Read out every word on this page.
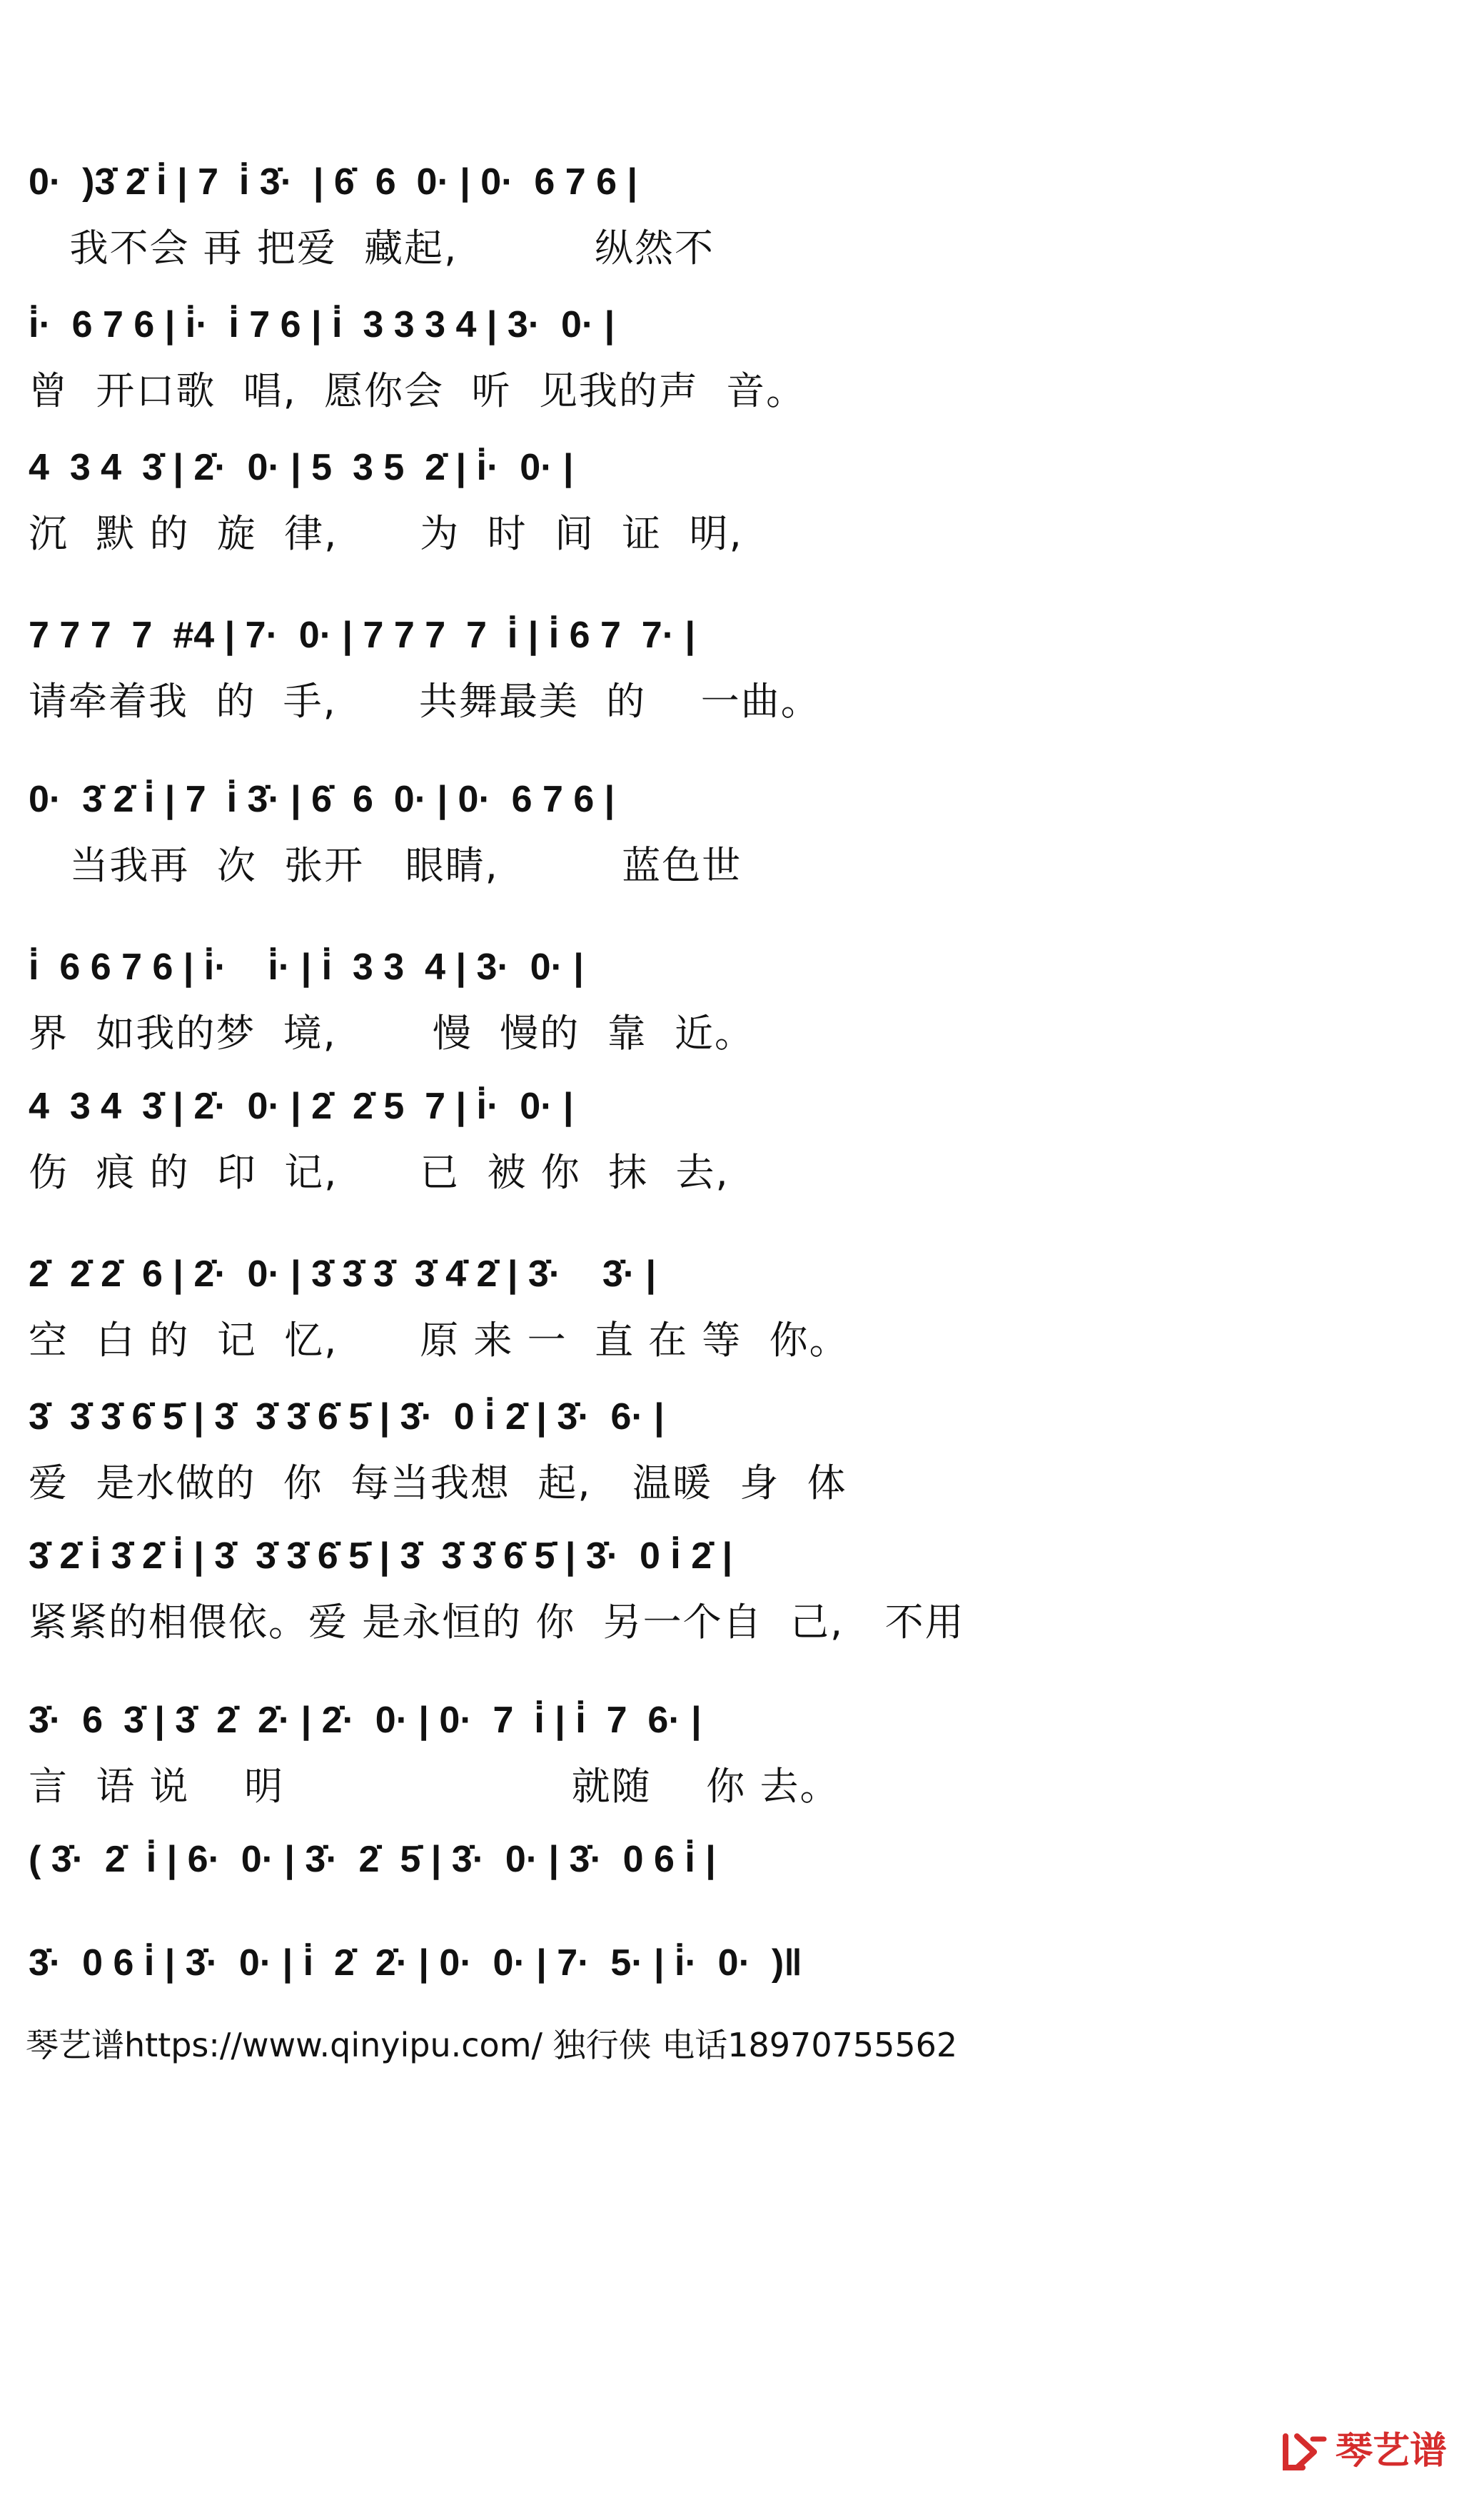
0·  )3̇ 2̇ i̇ | 7  i̇ 3̇·  | 6̇  6  0· | 0·  6 7 6 |
我不会 再 把爱  藏起,          纵然不
i̇·  6 7 6 | i̇·  i̇ 7 6 | i̇  3 3 3 4 | 3·  0· |
曾  开口歌  唱,  愿你会  听  见我的声  音。
4  3 4  3̇ | 2̇·  0· | 5  3 5  2̇ | i̇·  0· |
沉  默 的  旋  律,      为  时  间  证  明,
7 7 7  7  #4 | 7·  0· | 7 7 7  7  i̇ | i̇ 6 7  7· |
请牵着我  的  手,      共舞最美  的    一曲。
0·  3̇ 2̇ i̇ | 7  i̇ 3̇· | 6̇  6  0· | 0·  6 7 6 |
当我再  次  张开   眼睛,         蓝色世
i̇  6 6 7 6 | i̇·    i̇· | i̇  3 3  4 | 3·  0· |
界  如我的梦  境,       慢  慢的  靠  近。
4  3 4  3̇ | 2̇·  0· | 2̇  2̇ 5  7 | i̇·  0· |
伤  痕 的  印  记,      已  被 你  抹  去,
2̇  2̇ 2̇  6 | 2̇·  0· | 3̇ 3̇ 3̇  3̇ 4̇ 2̇ | 3̇·    3̇· |
空  白 的  记  忆,      原 来 一  直 在 等  你。
3̇  3̇ 3̇ 6̇ 5̇ | 3̇  3̇ 3̇ 6̇ 5̇ | 3̇·  0 i̇ 2̇ | 3̇·  6· |
爱  是水做的  你  每当我想  起,   温暖  身  体
3̇ 2̇ i̇ 3̇ 2̇ i̇ | 3̇  3̇ 3̇ 6̇ 5̇ | 3̇  3̇ 3̇ 6̇ 5̇ | 3̇·  0 i̇ 2̇ |
紧紧的相偎依。爱 是永恒的 你  另一个自  己,   不用
3̇·  6  3̇ | 3̇  2̇  2̇· | 2̇·  0· | 0·  7  i̇ | i̇  7  6· |
言  语 说    明                     就随    你 去。
( 3̇·  2̇  i̇ | 6·  0· | 3̇·  2̇  5̇ | 3̇·  0· | 3̇·  0 6 i̇ |
3̇·  0 6 i̇ | 3̇·  0· | i̇  2̇  2̇· | 0·  0· | 7·  5· | i̇·  0·  )‖
琴艺谱https://www.qinyipu.com/ 独行侠 电话18970755562
琴艺谱
